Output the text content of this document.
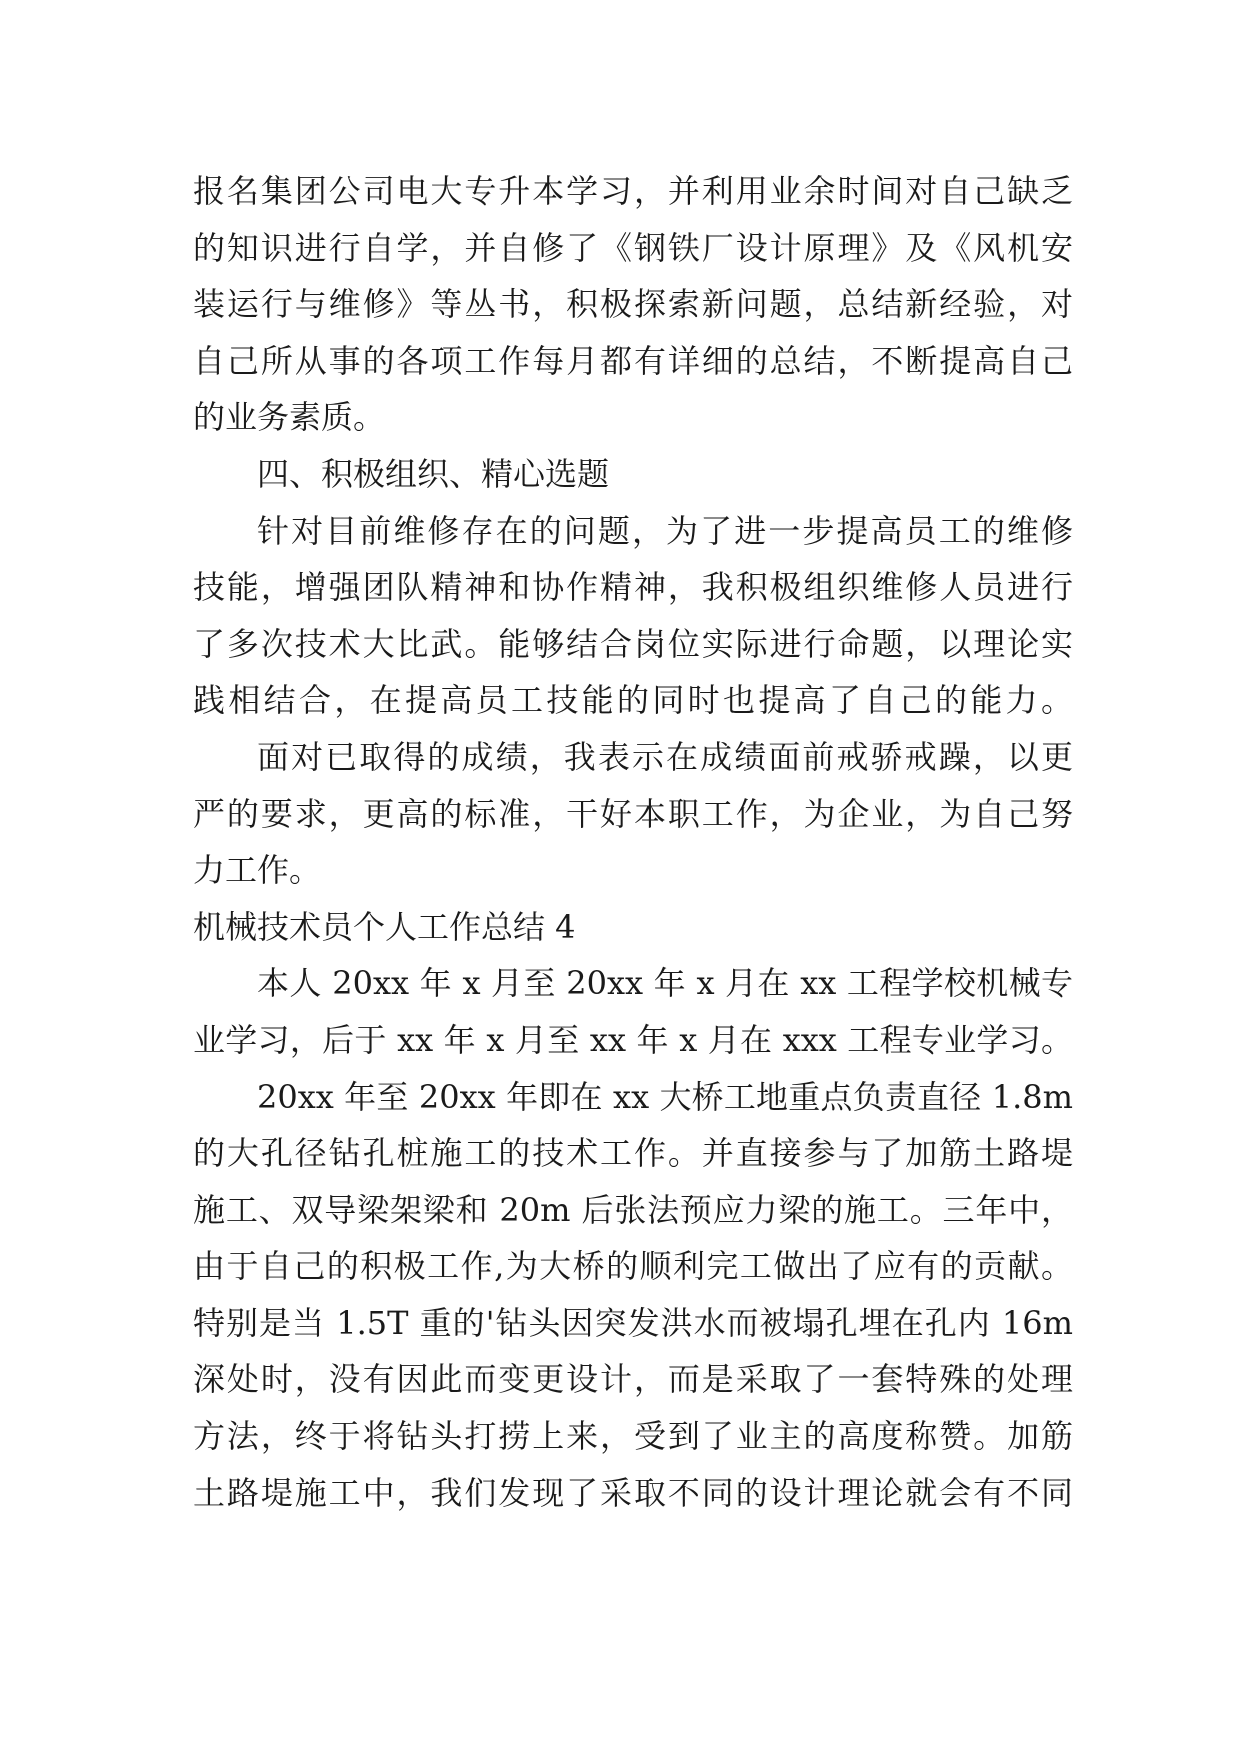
报名集团公司电大专升本学习，并利用业余时间对自己缺乏
的知识进行自学，并自修了《钢铁厂设计原理》及《风机安
装运行与维修》等丛书，积极探索新问题，总结新经验，对
自己所从事的各项工作每月都有详细的总结，不断提高自己
的业务素质。
四、积极组织、精心选题
针对目前维修存在的问题，为了进一步提高员工的维修
技能，增强团队精神和协作精神，我积极组织维修人员进行
了多次技术大比武。能够结合岗位实际进行命题，以理论实
践相结合，在提高员工技能的同时也提高了自己的能力。
面对已取得的成绩，我表示在成绩面前戒骄戒躁，以更
严的要求，更高的标准，干好本职工作，为企业，为自己努
力工作。
机械技术员个人工作总结 4
本人 20xx 年 x 月至 20xx 年 x 月在 xx 工程学校机械专
业学习，后于 xx 年 x 月至 xx 年 x 月在 xxx 工程专业学习。
20xx 年至 20xx 年即在 xx 大桥工地重点负责直径 1.8m
的大孔径钻孔桩施工的技术工作。并直接参与了加筋土路堤
施工、双导梁架梁和 20m 后张法预应力梁的施工。三年中，
由于自己的积极工作,为大桥的顺利完工做出了应有的贡献。
特别是当 1.5T 重的'钻头因突发洪水而被塌孔埋在孔内 16m
深处时，没有因此而变更设计，而是采取了一套特殊的处理
方法，终于将钻头打捞上来，受到了业主的高度称赞。加筋
土路堤施工中，我们发现了采取不同的设计理论就会有不同
